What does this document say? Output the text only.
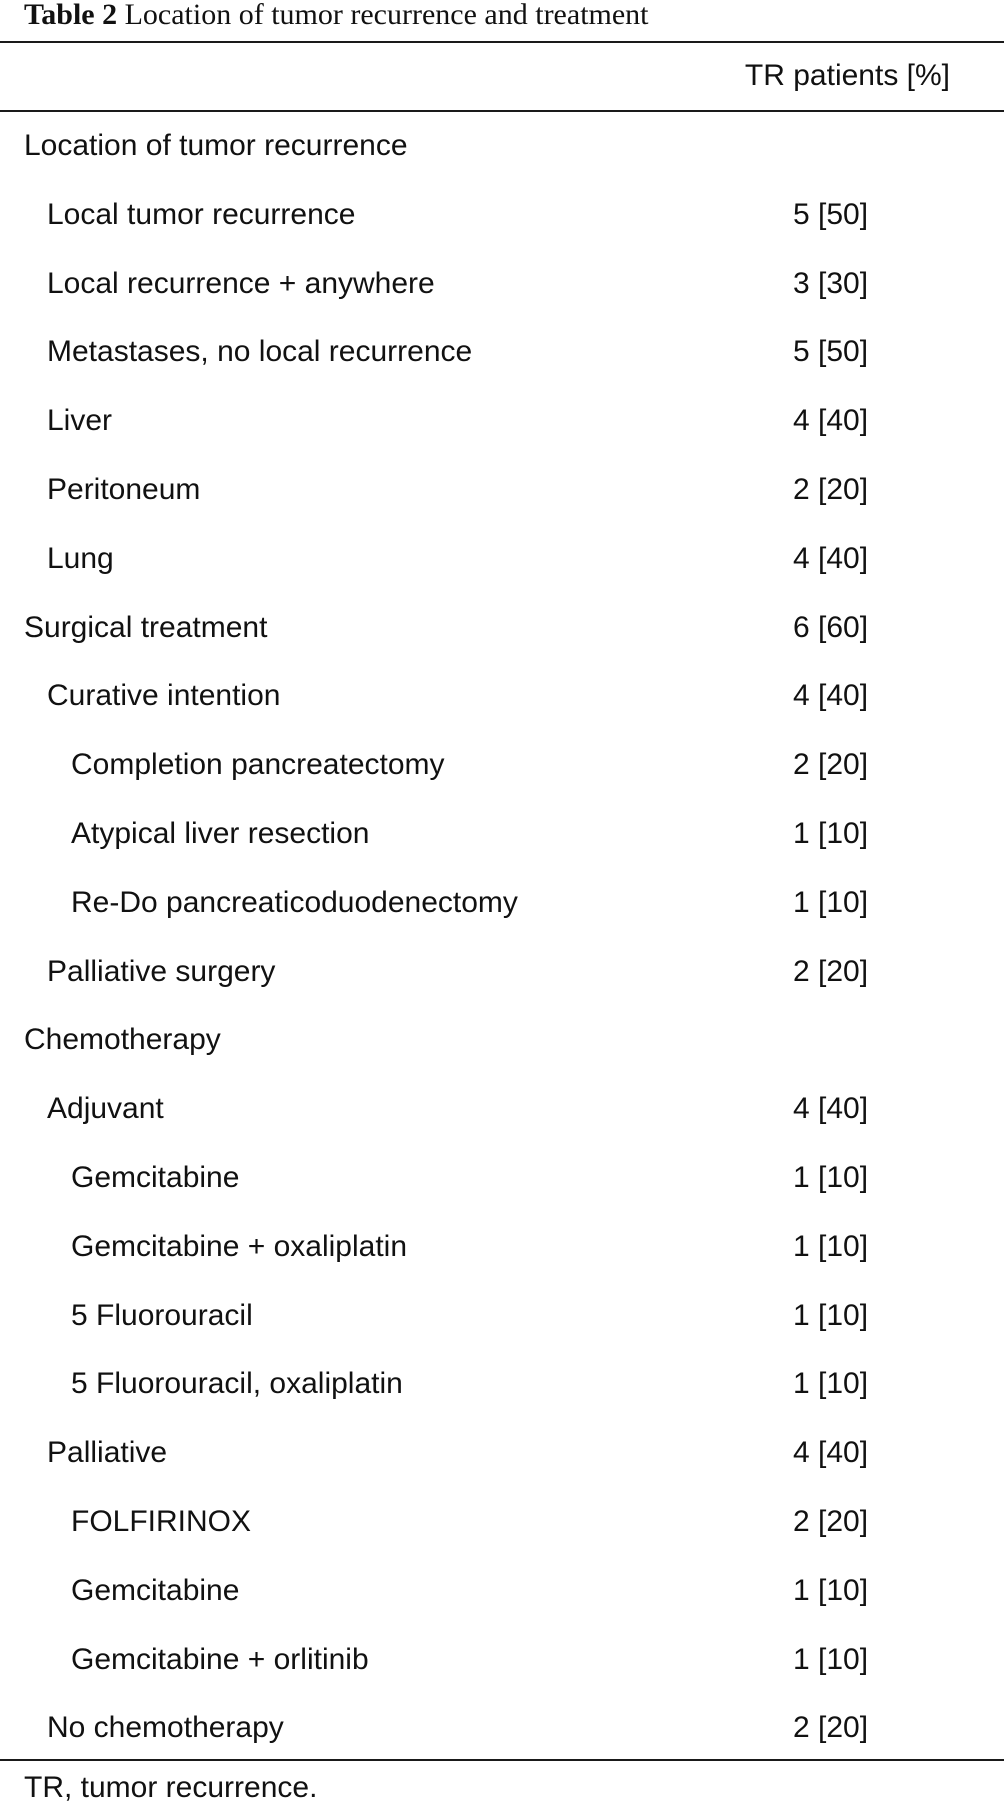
Table 2 Location of tumor recurrence and treatment
TR patients [%]
Location of tumor recurrence
Local tumor recurrence	5 [50]
Local recurrence + anywhere	3 [30]
Metastases, no local recurrence	5 [50]
Liver	4 [40]
Peritoneum	2 [20]
Lung	4 [40]
Surgical treatment	6 [60]
Curative intention	4 [40]
Completion pancreatectomy	2 [20]
Atypical liver resection	1 [10]
Re-Do pancreaticoduodenectomy	1 [10]
Palliative surgery	2 [20]
Chemotherapy
Adjuvant	4 [40]
Gemcitabine	1 [10]
Gemcitabine + oxaliplatin	1 [10]
5 Fluorouracil	1 [10]
5 Fluorouracil, oxaliplatin	1 [10]
Palliative	4 [40]
FOLFIRINOX	2 [20]
Gemcitabine	1 [10]
Gemcitabine + orlitinib	1 [10]
No chemotherapy	2 [20]
TR, tumor recurrence.
